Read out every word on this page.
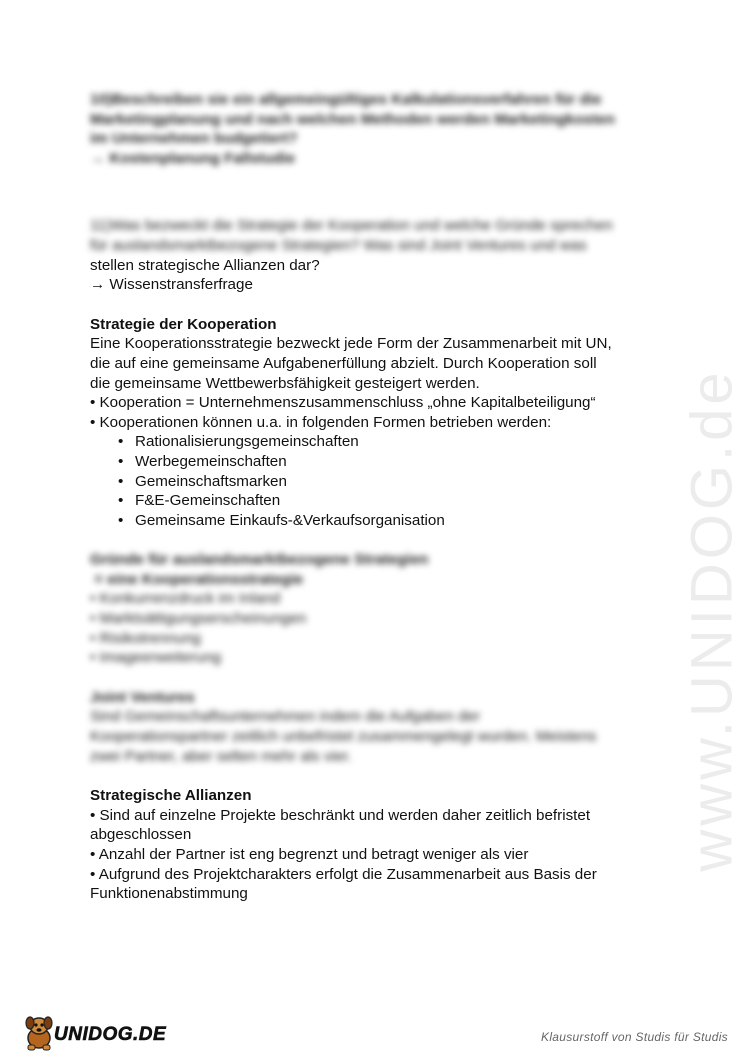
www.UNIDOG.de

10)Beschreiben sie ein allgemeingültiges Kalkulationsverfahren für die

Marketingplanung und nach welchen Methoden werden Marketingkosten

im Unternehmen budgetiert?

→ Kostenplanung Fallstudie

11)Was bezweckt die Strategie der Kooperation und welche Gründe sprechen

für auslandsmarktbezogene Strategien? Was sind Joint Ventures und was

stellen strategische Allianzen dar?

→ Wissenstransferfrage

Strategie der Kooperation

Eine Kooperationsstrategie bezweckt jede Form der Zusammenarbeit mit UN,

die auf eine gemeinsame Aufgabenerfüllung abzielt. Durch Kooperation soll

die gemeinsame Wettbewerbsfähigkeit gesteigert werden.

• Kooperation = Unternehmenszusammenschluss „ohne Kapitalbeteiligung“

• Kooperationen können u.a. in folgenden Formen betrieben werden:

• Rationalisierungsgemeinschaften
• Werbegemeinschaften
• Gemeinschaftsmarken
• F&E-Gemeinschaften
• Gemeinsame Einkaufs-&Verkaufsorganisation

Gründe für auslandsmarktbezogene Strategien

= eine Kooperationsstrategie

• Konkurrenzdruck im Inland

• Marktsättigungserscheinungen

• Risikotrennung

• Imageerweiterung

Joint Ventures

Sind Gemeinschaftsunternehmen indem die Aufgaben der

Kooperationspartner zeitlich unbefristet zusammengelegt wurden. Meistens

zwei Partner, aber selten mehr als vier.

Strategische Allianzen

• Sind auf einzelne Projekte beschränkt und werden daher zeitlich befristet

abgeschlossen

• Anzahl der Partner ist eng begrenzt und betragt weniger als vier

• Aufgrund des Projektcharakters erfolgt die Zusammenarbeit aus Basis der

Funktionenabstimmung

UNIDOG.DE	Klausurstoff von Studis für Studis
